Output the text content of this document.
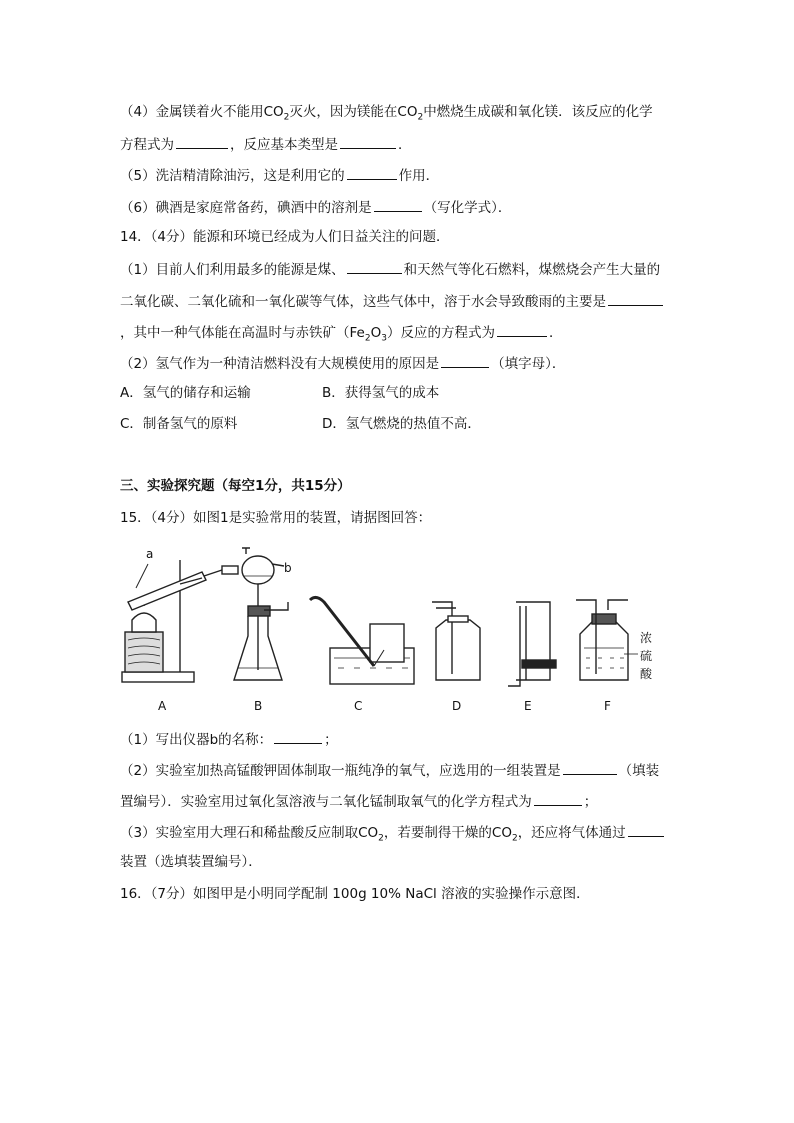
（4）金属镁着火不能用$CO_2$灭火，因为镁能在$CO_2$中燃烧生成碳和氧化镁．该反应的化学
方程式为	，反应基本类型是	．
（5）洗洁精清除油污，这是利用它的	作用．
（6）碘酒是家庭常备药，碘酒中的溶剂是	（写化学式）．
14．（4分）能源和环境已经成为人们日益关注的问题．
（1）目前人们利用最多的能源是煤、	和天然气等化石燃料，煤燃烧会产生大量的
二氧化碳、二氧化硫和一氧化碳等气体，这些气体中，溶于水会导致酸雨的主要是
，其中一种气体能在高温时与赤铁矿$(Fe_2O_3)$反应的方程式为	．
（2）氢气作为一种清洁燃料没有大规模使用的原因是	（填字母）．
A．氢气的储存和运输	B．获得氢气的成本
C．制备氢气的原料	D．氢气燃烧的热值不高．
三、实验探究题（每空1分，共15分）
15．（4分）如图1是实验常用的装置，请据图回答：
a
A
b
B	C	D	E
浓
硫
酸
F
（1）写出仪器b的名称：	；
（2）实验室加热高锰酸钾固体制取一瓶纯净的氧气，应选用的一组装置是	（填装
置编号）．实验室用过氧化氢溶液与二氧化锰制取氧气的化学方程式为	；
（3）实验室用大理石和稀盐酸反应制取$CO_2$，若要制得干燥的$CO_2$，还应将气体通过
装置（选填装置编号）．
16．（7分）如图甲是小明同学配制 100g 10% NaCl 溶液的实验操作示意图．
